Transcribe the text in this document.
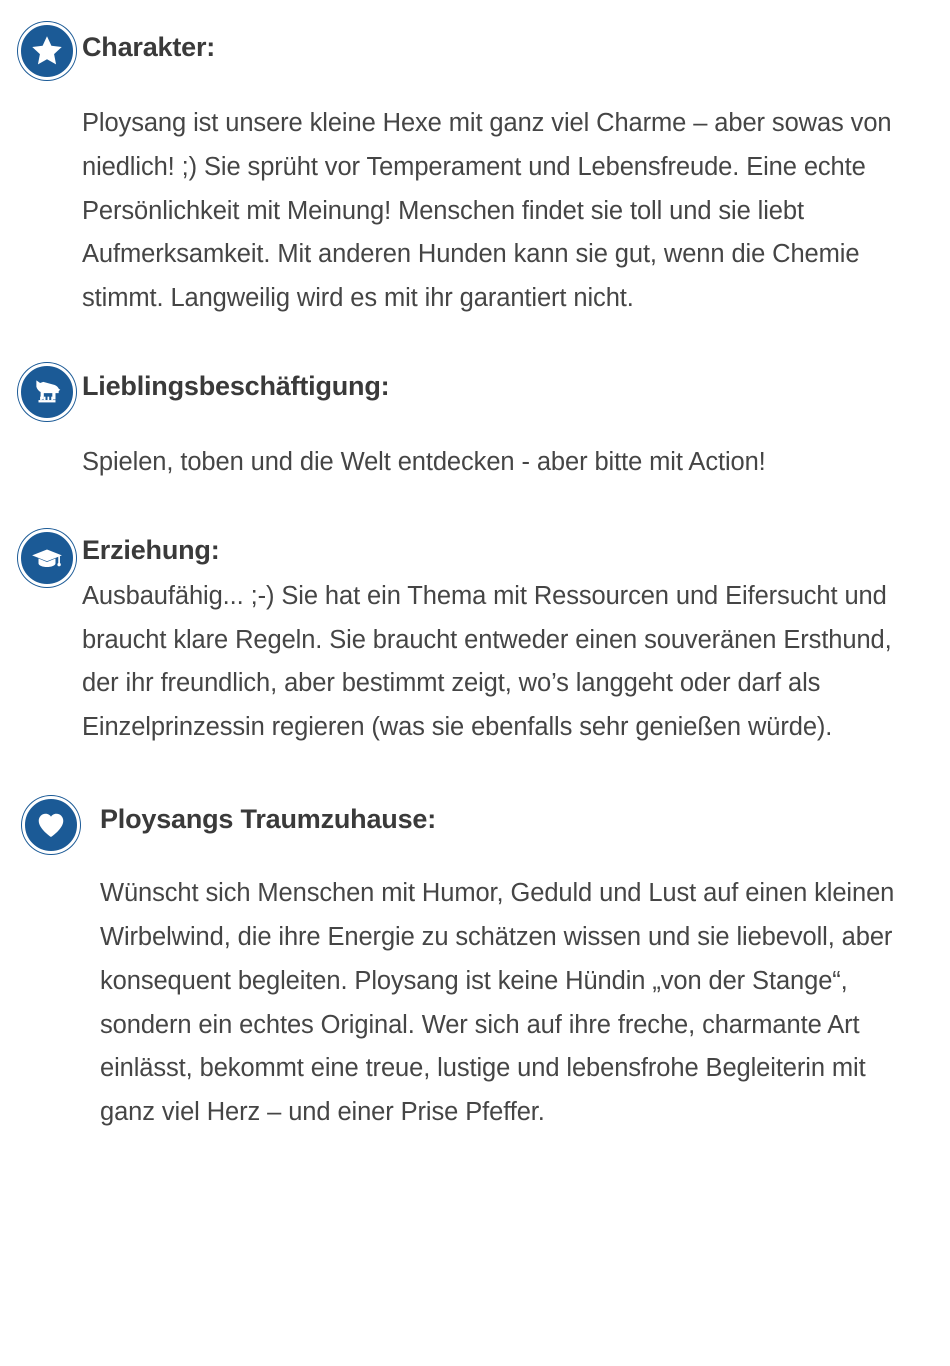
Charakter:

Ploysang ist unsere kleine Hexe mit ganz viel Charme – aber sowas von niedlich! ;) Sie sprüht vor Temperament und Lebensfreude. Eine echte Persönlichkeit mit Meinung! Menschen findet sie toll und sie liebt Aufmerksamkeit. Mit anderen Hunden kann sie gut, wenn die Chemie stimmt. Langweilig wird es mit ihr garantiert nicht.

Lieblingsbeschäftigung:

Spielen, toben und die Welt entdecken - aber bitte mit Action!

Erziehung:

Ausbaufähig... ;-) Sie hat ein Thema mit Ressourcen und Eifersucht und braucht klare Regeln. Sie braucht entweder einen souveränen Ersthund, der ihr freundlich, aber bestimmt zeigt, wo’s langgeht oder darf als Einzelprinzessin regieren (was sie ebenfalls sehr genießen würde).

Ploysangs Traumzuhause:

Wünscht sich Menschen mit Humor, Geduld und Lust auf einen kleinen Wirbelwind, die ihre Energie zu schätzen wissen und sie liebevoll, aber konsequent begleiten. Ploysang ist keine Hündin „von der Stange“, sondern ein echtes Original. Wer sich auf ihre freche, charmante Art einlässt, bekommt eine treue, lustige und lebensfrohe Begleiterin mit ganz viel Herz – und einer Prise Pfeffer.
